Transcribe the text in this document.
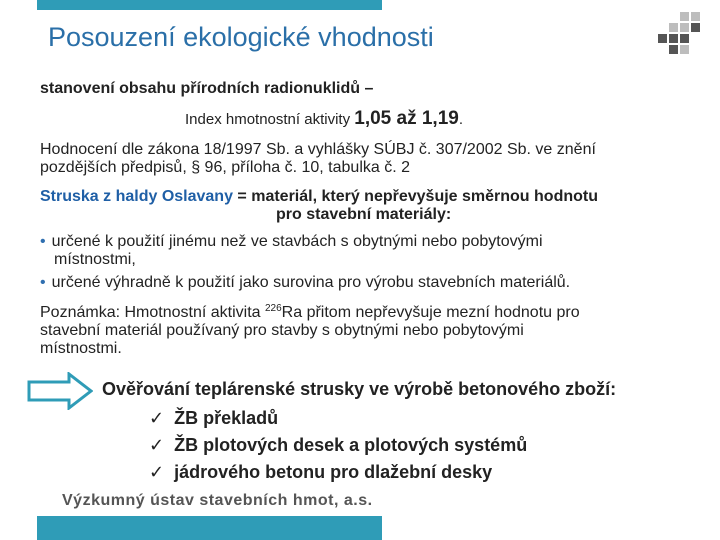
Posouzení ekologické vhodnosti
stanovení obsahu přírodních radionuklidů –
Index hmotnostní aktivity 1,05 až 1,19.
Hodnocení dle zákona 18/1997 Sb. a vyhlášky SÚBJ č. 307/2002 Sb. ve znění
pozdějších předpisů, § 96, příloha č. 10, tabulka č. 2
Struska z haldy Oslavany = materiál, který nepřevyšuje směrnou hodnotu
pro stavební materiály:
• určené k použití jinému než ve stavbách s obytnými nebo pobytovými
místnostmi,
• určené výhradně k použití jako surovina pro výrobu stavebních materiálů.
Poznámka: Hmotnostní aktivita $^{226}$Ra přitom nepřevyšuje mezní hodnotu pro
stavební materiál používaný pro stavby s obytnými nebo pobytovými
místnostmi.
Ověřování teplárenské strusky ve výrobě betonového zboží:
✓ ŽB překladů
✓ ŽB plotových desek a plotových systémů
✓ jádrového betonu pro dlažební desky
Výzkumný ústav stavebních hmot, a.s.
